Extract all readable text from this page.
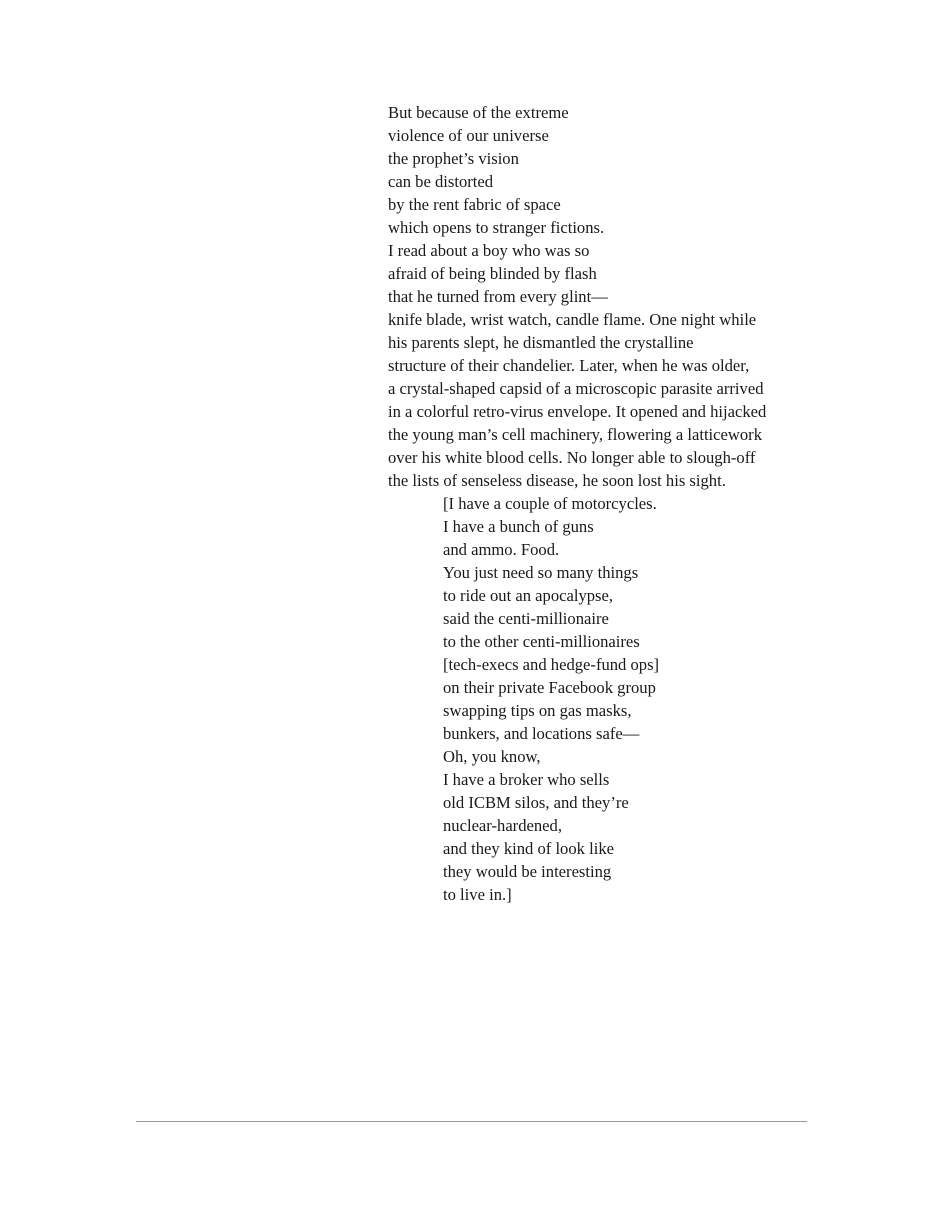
But because of the extreme
violence of our universe
the prophet’s vision
can be distorted
by the rent fabric of space
which opens to stranger fictions.
I read about a boy who was so
afraid of being blinded by flash
that he turned from every glint—
knife blade, wrist watch, candle flame. One night while
his parents slept, he dismantled the crystalline
structure of their chandelier. Later, when he was older,
a crystal-shaped capsid of a microscopic parasite arrived
in a colorful retro-virus envelope. It opened and hijacked
the young man’s cell machinery, flowering a latticework
over his white blood cells. No longer able to slough-off
the lists of senseless disease, he soon lost his sight.
[I have a couple of motorcycles.
I have a bunch of guns
and ammo. Food.
You just need so many things
to ride out an apocalypse,
said the centi-millionaire
to the other centi-millionaires
[tech-execs and hedge-fund ops]
on their private Facebook group
swapping tips on gas masks,
bunkers, and locations safe—
Oh, you know,
I have a broker who sells
old ICBM silos, and they’re
nuclear-hardened,
and they kind of look like
they would be interesting
to live in.]
